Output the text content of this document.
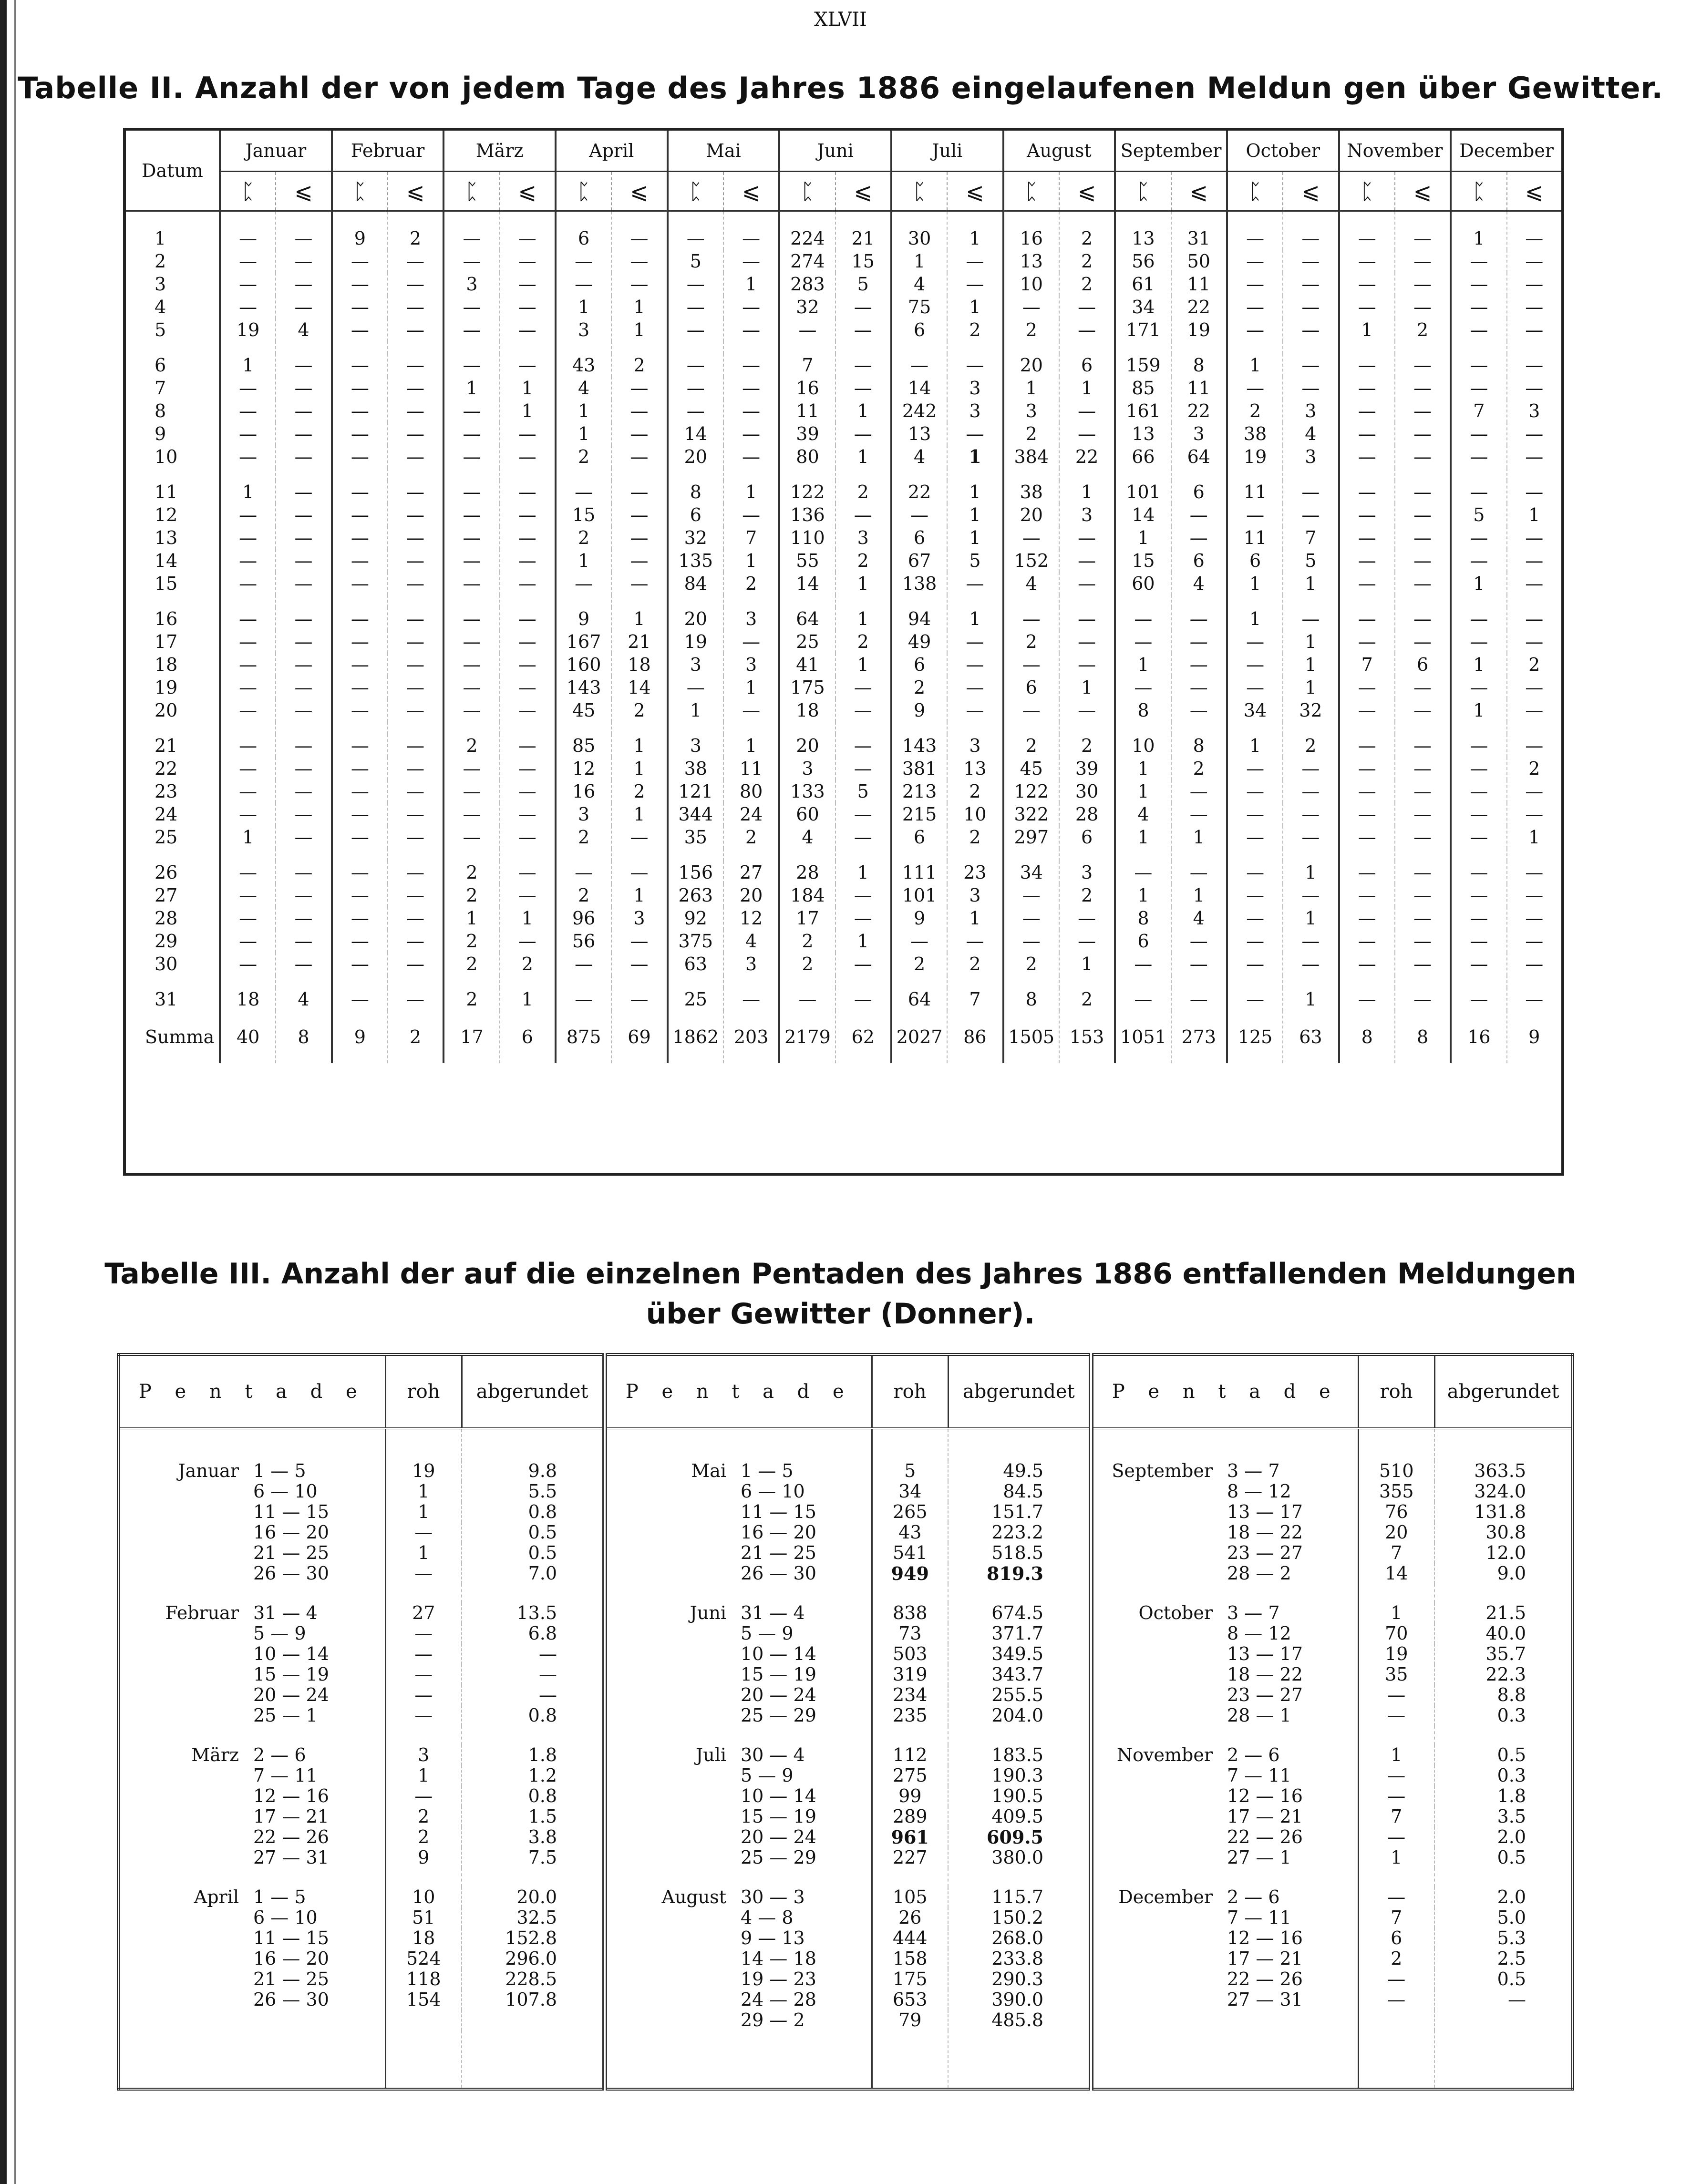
XLVII
Tabelle II. Anzahl der von jedem Tage des Jahres 1886 eingelaufenen Meldun gen über Gewitter.
Datum	Januar		Februar		März		April		Mai		Juni		Juli		August		September		October		November		December	
	ᛈ	⩽	ᛈ	⩽	ᛈ	⩽	ᛈ	⩽	ᛈ	⩽	ᛈ	⩽	ᛈ	⩽	ᛈ	⩽	ᛈ	⩽	ᛈ	⩽	ᛈ	⩽	ᛈ	⩽
1	—	—	9	2	—	—	6	—	—	—	224	21	30	1	16	2	13	31	—	—	—	—	1	—
2	—	—	—	—	—	—	—	—	5	—	274	15	1	—	13	2	56	50	—	—	—	—	—	—
3	—	—	—	—	3	—	—	—	—	1	283	5	4	—	10	2	61	11	—	—	—	—	—	—
4	—	—	—	—	—	—	1	1	—	—	32	—	75	1	—	—	34	22	—	—	—	—	—	—
5	19	4	—	—	—	—	3	1	—	—	—	—	6	2	2	—	171	19	—	—	1	2	—	—

6	1	—	—	—	—	—	43	2	—	—	7	—	—	—	20	6	159	8	1	—	—	—	—	—
7	—	—	—	—	1	1	4	—	—	—	16	—	14	3	1	1	85	11	—	—	—	—	—	—
8	—	—	—	—	—	1	1	—	—	—	11	1	242	3	3	—	161	22	2	3	—	—	7	3
9	—	—	—	—	—	—	1	—	14	—	39	—	13	—	2	—	13	3	38	4	—	—	—	—
10	—	—	—	—	—	—	2	—	20	—	80	1	4	1	384	22	66	64	19	3	—	—	—	—

11	1	—	—	—	—	—	—	—	8	1	122	2	22	1	38	1	101	6	11	—	—	—	—	—
12	—	—	—	—	—	—	15	—	6	—	136	—	—	1	20	3	14	—	—	—	—	—	5	1
13	—	—	—	—	—	—	2	—	32	7	110	3	6	1	—	—	1	—	11	7	—	—	—	—
14	—	—	—	—	—	—	1	—	135	1	55	2	67	5	152	—	15	6	6	5	—	—	—	—
15	—	—	—	—	—	—	—	—	84	2	14	1	138	—	4	—	60	4	1	1	—	—	1	—

16	—	—	—	—	—	—	9	1	20	3	64	1	94	1	—	—	—	—	1	—	—	—	—	—
17	—	—	—	—	—	—	167	21	19	—	25	2	49	—	2	—	—	—	—	1	—	—	—	—
18	—	—	—	—	—	—	160	18	3	3	41	1	6	—	—	—	1	—	—	1	7	6	1	2
19	—	—	—	—	—	—	143	14	—	1	175	—	2	—	6	1	—	—	—	1	—	—	—	—
20	—	—	—	—	—	—	45	2	1	—	18	—	9	—	—	—	8	—	34	32	—	—	1	—

21	—	—	—	—	2	—	85	1	3	1	20	—	143	3	2	2	10	8	1	2	—	—	—	—
22	—	—	—	—	—	—	12	1	38	11	3	—	381	13	45	39	1	2	—	—	—	—	—	2
23	—	—	—	—	—	—	16	2	121	80	133	5	213	2	122	30	1	—	—	—	—	—	—	—
24	—	—	—	—	—	—	3	1	344	24	60	—	215	10	322	28	4	—	—	—	—	—	—	—
25	1	—	—	—	—	—	2	—	35	2	4	—	6	2	297	6	1	1	—	—	—	—	—	1

26	—	—	—	—	2	—	—	—	156	27	28	1	111	23	34	3	—	—	—	1	—	—	—	—
27	—	—	—	—	2	—	2	1	263	20	184	—	101	3	—	2	1	1	—	—	—	—	—	—
28	—	—	—	—	1	1	96	3	92	12	17	—	9	1	—	—	8	4	—	1	—	—	—	—
29	—	—	—	—	2	—	56	—	375	4	2	1	—	—	—	—	6	—	—	—	—	—	—	—
30	—	—	—	—	2	2	—	—	63	3	2	—	2	2	2	1	—	—	—	—	—	—	—	—

31	18	4	—	—	2	1	—	—	25	—	—	—	64	7	8	2	—	—	—	1	—	—	—	—
Summa	40	8	9	2	17	6	875	69	1862	203	2179	62	2027	86	1505	153	1051	273	125	63	8	8	16	9

Tabelle III. Anzahl der auf die einzelnen Pentaden des Jahres 1886 entfallenden Meldungen
über Gewitter (Donner).
P e n t a d e	roh	abgerundet	P e n t a d e	roh	abgerundet	P e n t a d e	roh	abgerundet

Januar 1 — 5	19	9.8	Mai 1 — 5	5	49.5	September 3 — 7	510	363.5
6 — 10	1	5.5	6 — 10	34	84.5	8 — 12	355	324.0
11 — 15	1	0.8	11 — 15	265	151.7	13 — 17	76	131.8
16 — 20	—	0.5	16 — 20	43	223.2	18 — 22	20	30.8
21 — 25	1	0.5	21 — 25	541	518.5	23 — 27	7	12.0
26 — 30	—	7.0	26 — 30	949	819.3	28 — 2	14	9.0

Februar 31 — 4	27	13.5	Juni 31 — 4	838	674.5	October 3 — 7	1	21.5
5 — 9	—	6.8	5 — 9	73	371.7	8 — 12	70	40.0
10 — 14	—	—	10 — 14	503	349.5	13 — 17	19	35.7
15 — 19	—	—	15 — 19	319	343.7	18 — 22	35	22.3
20 — 24	—	—	20 — 24	234	255.5	23 — 27	—	8.8
25 — 1	—	0.8	25 — 29	235	204.0	28 — 1	—	0.3

März 2 — 6	3	1.8	Juli 30 — 4	112	183.5	November 2 — 6	1	0.5
7 — 11	1	1.2	5 — 9	275	190.3	7 — 11	—	0.3
12 — 16	—	0.8	10 — 14	99	190.5	12 — 16	—	1.8
17 — 21	2	1.5	15 — 19	289	409.5	17 — 21	7	3.5
22 — 26	2	3.8	20 — 24	961	609.5	22 — 26	—	2.0
27 — 31	9	7.5	25 — 29	227	380.0	27 — 1	1	0.5

April 1 — 5	10	20.0	August 30 — 3	105	115.7	December 2 — 6	—	2.0
6 — 10	51	32.5	4 — 8	26	150.2	7 — 11	7	5.0
11 — 15	18	152.8	9 — 13	444	268.0	12 — 16	6	5.3
16 — 20	524	296.0	14 — 18	158	233.8	17 — 21	2	2.5
21 — 25	118	228.5	19 — 23	175	290.3	22 — 26	—	0.5
26 — 30	154	107.8	24 — 28	653	390.0	27 — 31	—	—
			29 — 2	79	485.8			
